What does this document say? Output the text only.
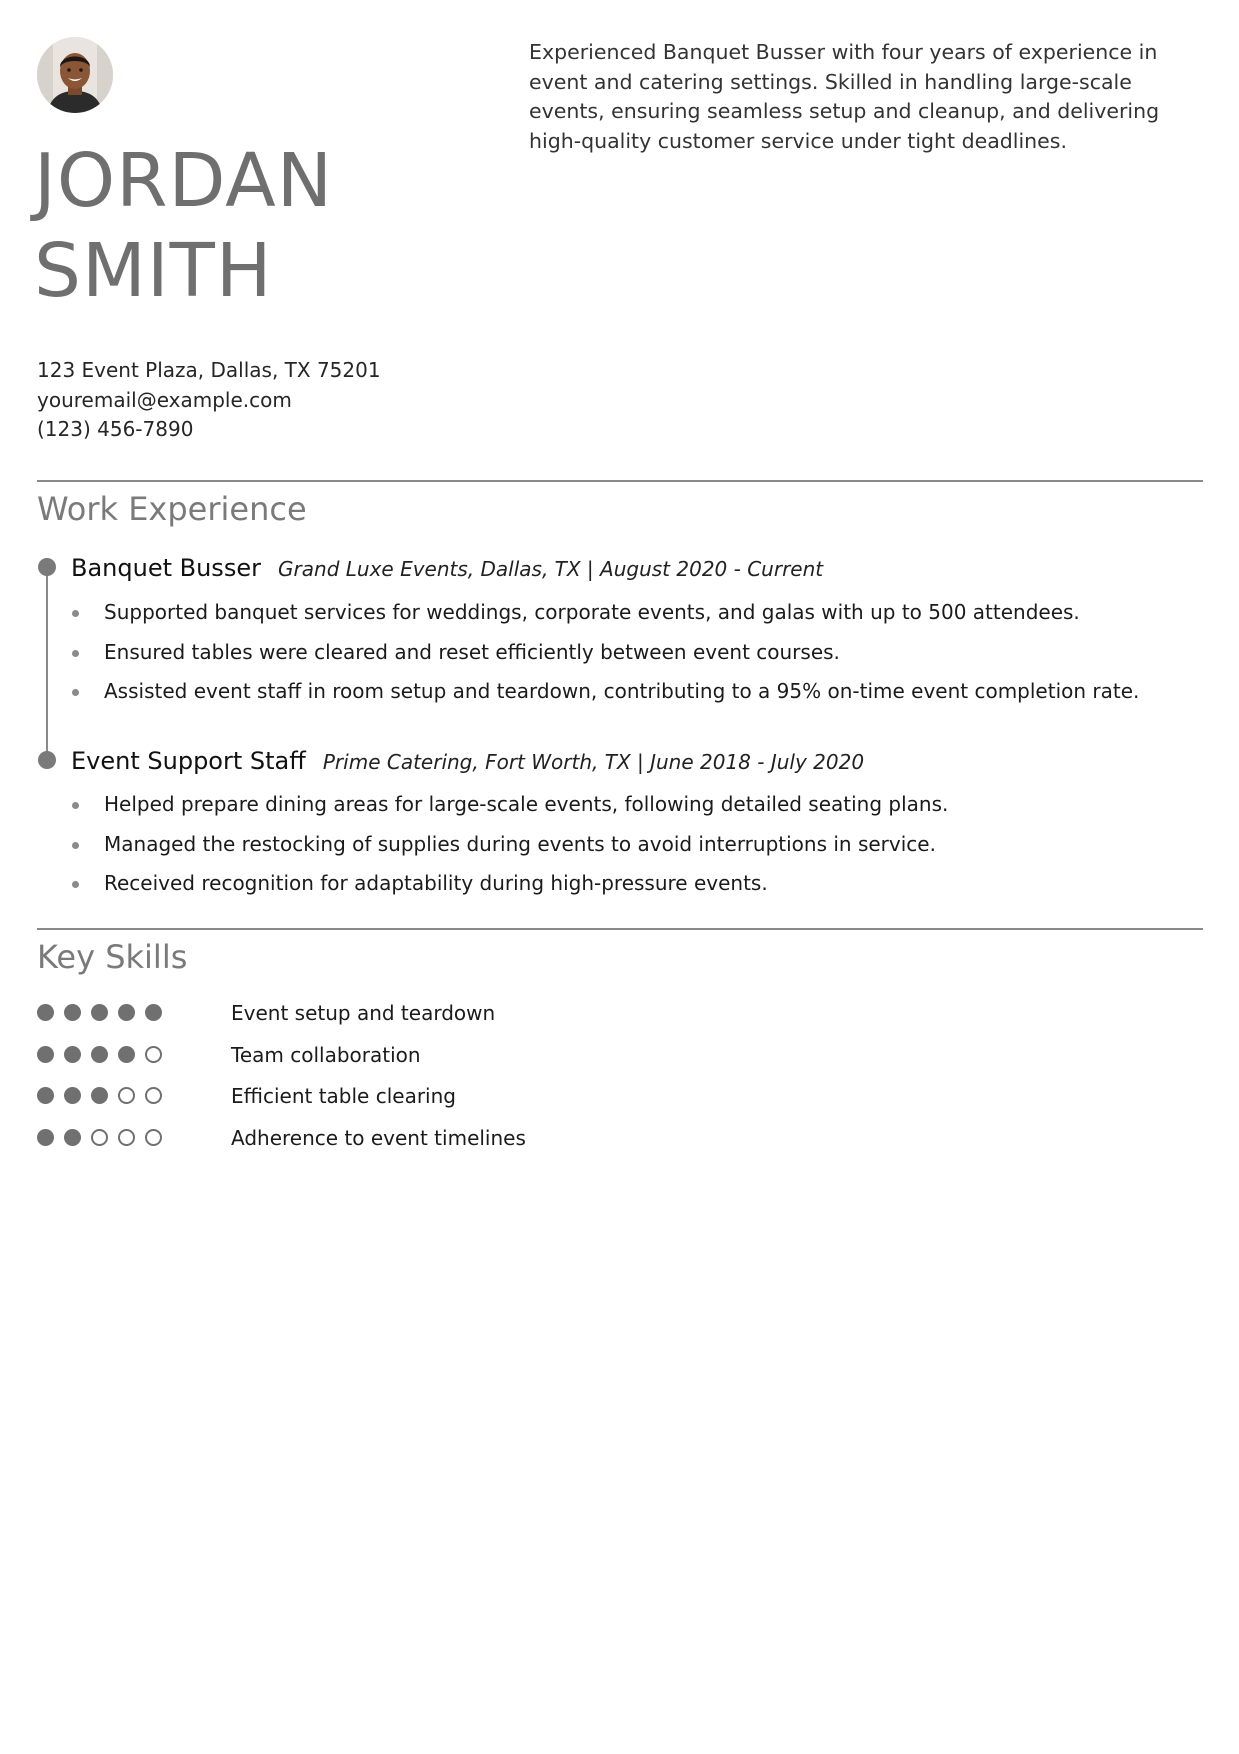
JORDAN
SMITH

Experienced Banquet Busser with four years of experience in event and catering settings. Skilled in handling large-scale events, ensuring seamless setup and cleanup, and delivering high-quality customer service under tight deadlines.

123 Event Plaza, Dallas, TX 75201
youremail@example.com
(123) 456-7890
Work Experience
Banquet Busser Grand Luxe Events, Dallas, TX | August 2020 - Current
Supported banquet services for weddings, corporate events, and galas with up to 500 attendees.
Ensured tables were cleared and reset efficiently between event courses.
Assisted event staff in room setup and teardown, contributing to a 95% on-time event completion rate.
Event Support Staff Prime Catering, Fort Worth, TX | June 2018 - July 2020
Helped prepare dining areas for large-scale events, following detailed seating plans.
Managed the restocking of supplies during events to avoid interruptions in service.
Received recognition for adaptability during high-pressure events.
Key Skills
Event setup and teardown
Team collaboration
Efficient table clearing
Adherence to event timelines
